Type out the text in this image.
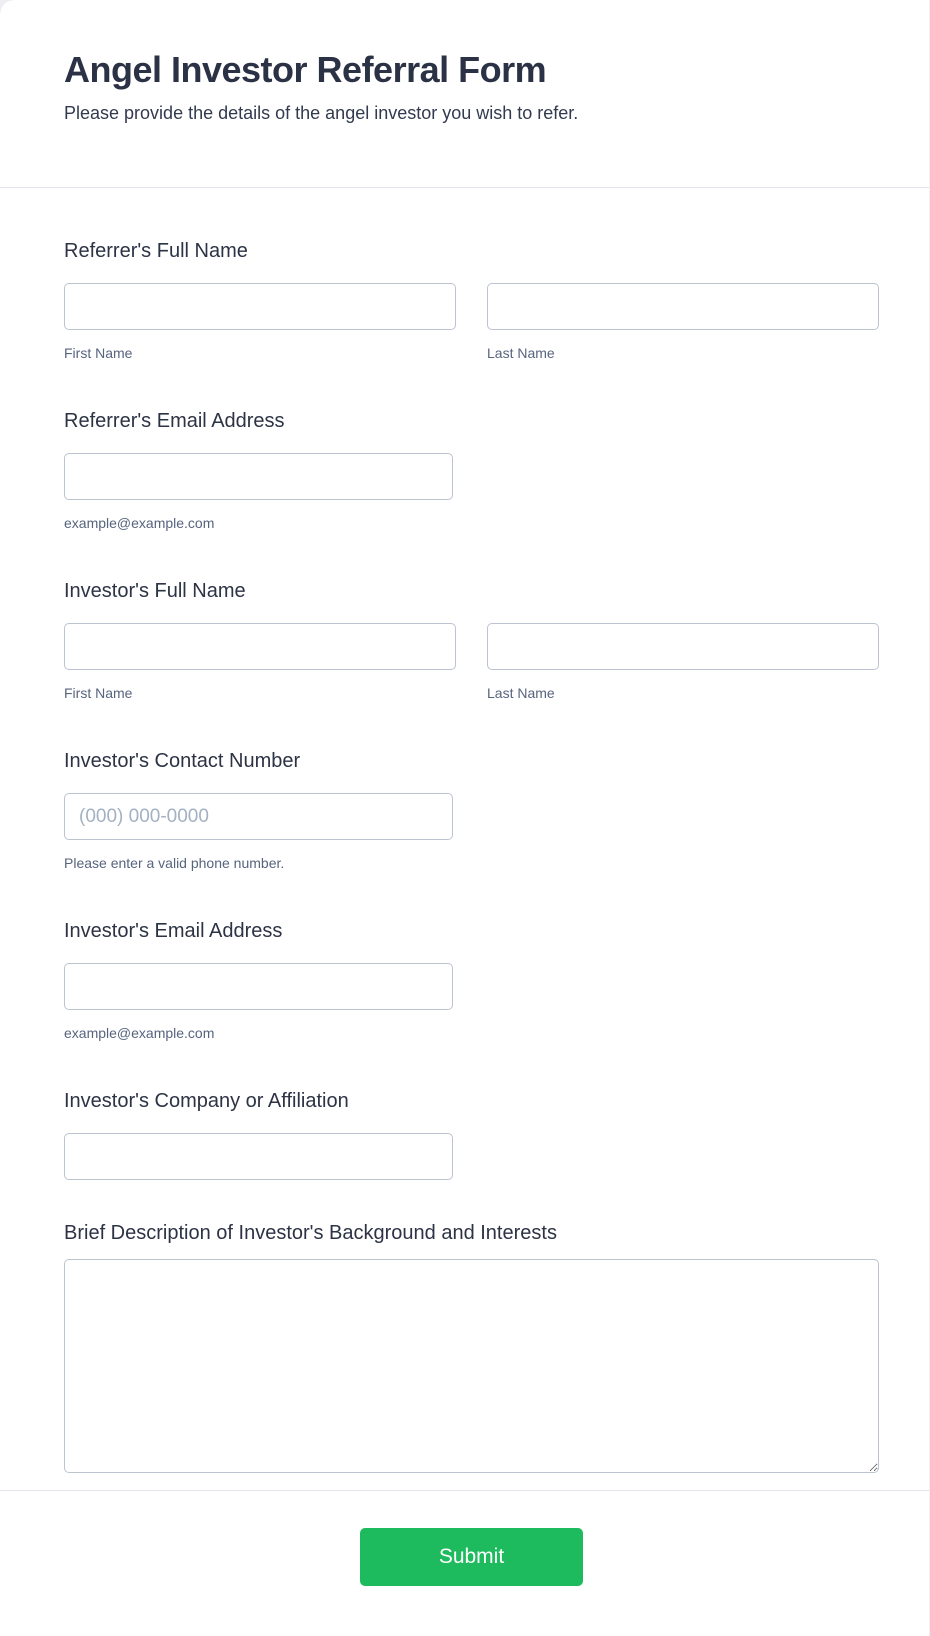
Angel Investor Referral Form
Please provide the details of the angel investor you wish to refer.
Referrer's Full Name
First Name	Last Name
Referrer's Email Address
example@example.com
Investor's Full Name
First Name	Last Name
Investor's Contact Number
(000) 000-0000
Please enter a valid phone number.
Investor's Email Address
example@example.com
Investor's Company or Affiliation
Brief Description of Investor's Background and Interests
Submit
